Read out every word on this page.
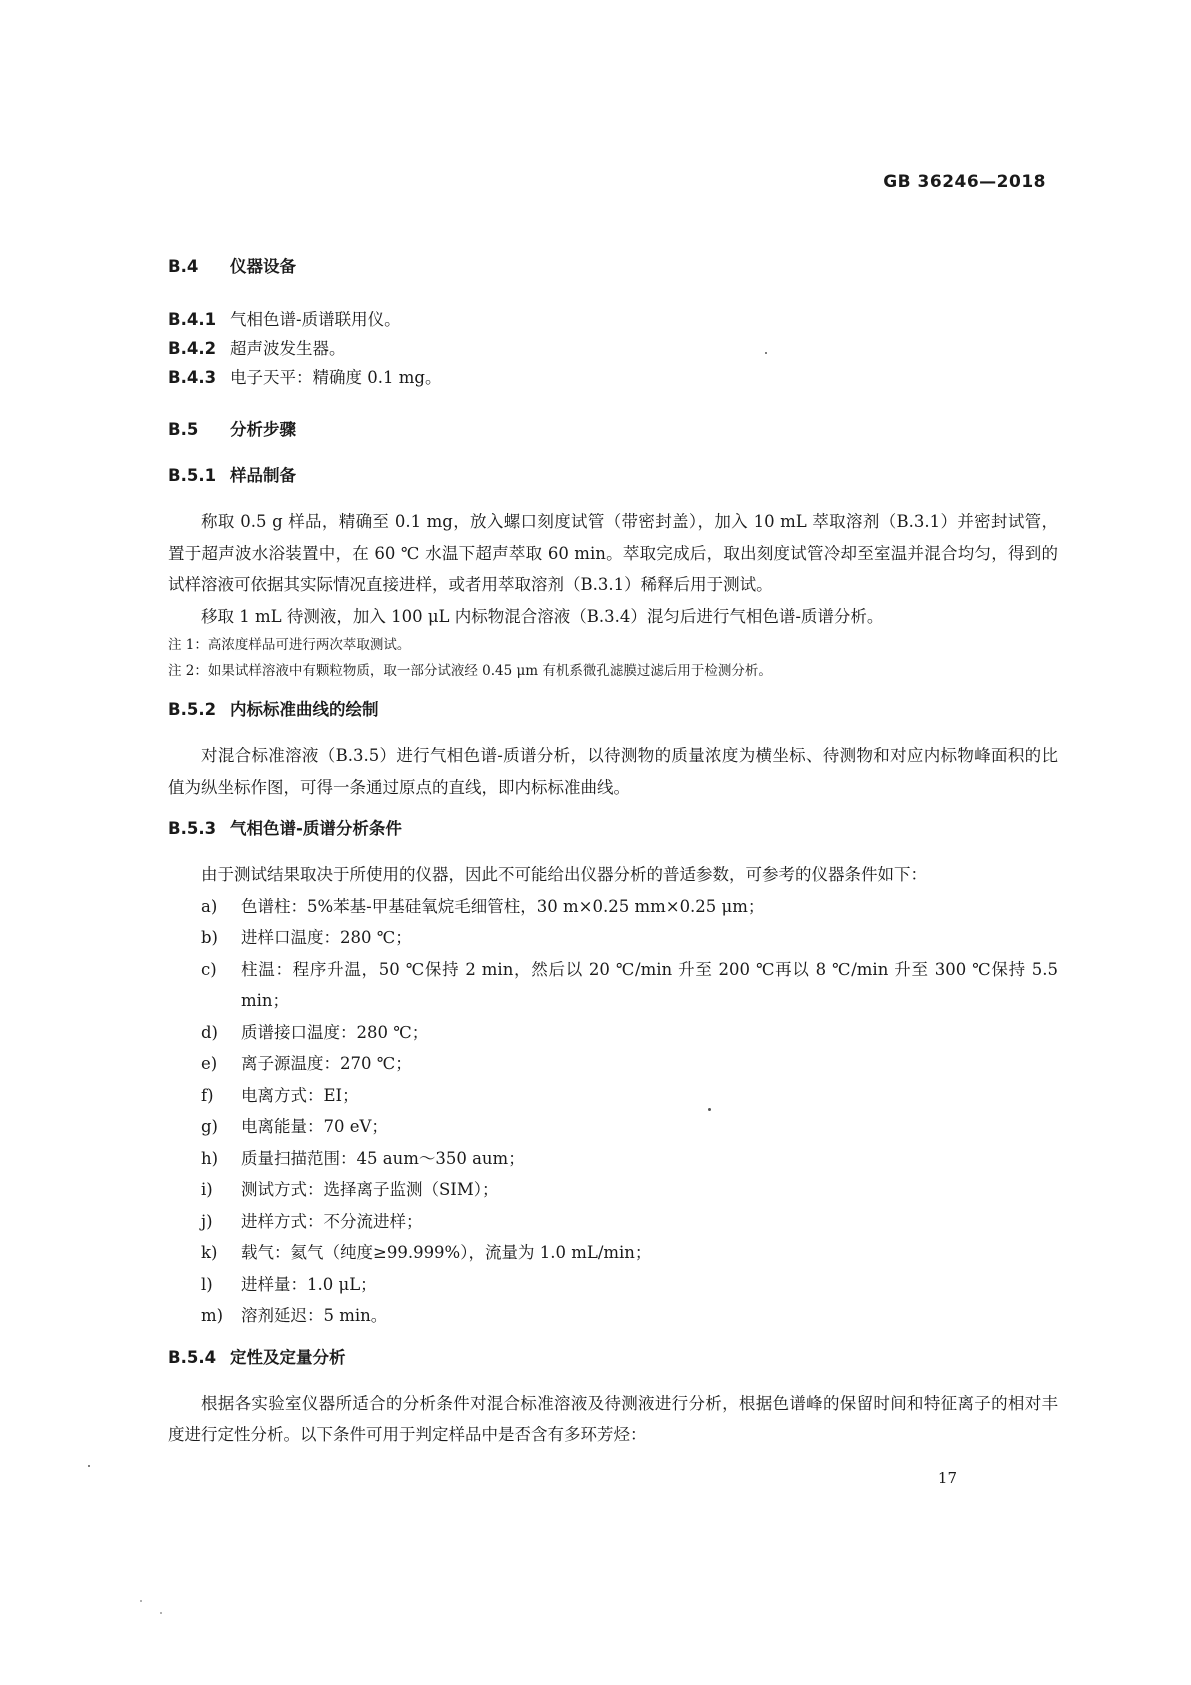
GB 36246—2018
B.4	仪器设备
B.4.1 气相色谱-质谱联用仪。
B.4.2 超声波发生器。
B.4.3 电子天平：精确度 0.1 mg。
B.5	分析步骤
B.5.1 样品制备

称取 0.5 g 样品，精确至 0.1 mg，放入螺口刻度试管（带密封盖），加入 10 mL 萃取溶剂（B.3.1）并密封试管，置于超声波水浴装置中，在 60 ℃ 水温下超声萃取 60 min。萃取完成后，取出刻度试管冷却至室温并混合均匀，得到的试样溶液可依据其实际情况直接进样，或者用萃取溶剂（B.3.1）稀释后用于测试。

移取 1 mL 待测液，加入 100 μL 内标物混合溶液（B.3.4）混匀后进行气相色谱-质谱分析。

注 1：高浓度样品可进行两次萃取测试。

注 2：如果试样溶液中有颗粒物质，取一部分试液经 0.45 μm 有机系微孔滤膜过滤后用于检测分析。

B.5.2 内标标准曲线的绘制

对混合标准溶液（B.3.5）进行气相色谱-质谱分析，以待测物的质量浓度为横坐标、待测物和对应内标物峰面积的比值为纵坐标作图，可得一条通过原点的直线，即内标标准曲线。

B.5.3 气相色谱-质谱分析条件

由于测试结果取决于所使用的仪器，因此不可能给出仪器分析的普适参数，可参考的仪器条件如下：

a)	色谱柱：5%苯基-甲基硅氧烷毛细管柱，30 m×0.25 mm×0.25 μm；
b)	进样口温度：280 ℃；
c)	柱温：程序升温，50 ℃保持 2 min，然后以 20 ℃/min 升至 200 ℃再以 8 ℃/min 升至 300 ℃保持 5.5 min；
d)	质谱接口温度：280 ℃；
e)	离子源温度：270 ℃；
f)	电离方式：EI；
g)	电离能量：70 eV；
h)	质量扫描范围：45 aum～350 aum；
i)	测试方式：选择离子监测（SIM）；
j)	进样方式：不分流进样；
k)	载气：氦气（纯度≥99.999%），流量为 1.0 mL/min；
l)	进样量：1.0 μL；
m)	溶剂延迟：5 min。
B.5.4 定性及定量分析

根据各实验室仪器所适合的分析条件对混合标准溶液及待测液进行分析，根据色谱峰的保留时间和特征离子的相对丰度进行定性分析。以下条件可用于判定样品中是否含有多环芳烃：

17
